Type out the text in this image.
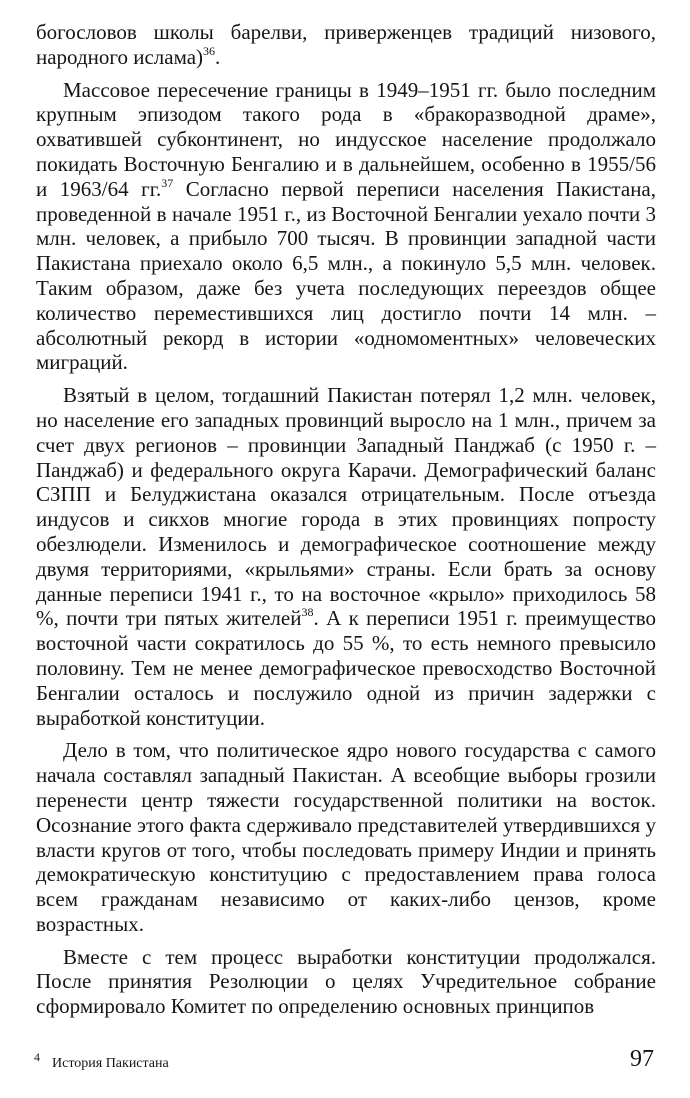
богословов школы барелви, приверженцев традиций низового, народного ислама)$^{36}$.

Массовое пересечение границы в 1949–1951 гг. было последним крупным эпизодом такого рода в «бракоразводной драме», охватившей субконтинент, но индусское население продолжало покидать Восточную Бенгалию и в дальнейшем, особенно в 1955/56 и 1963/64 гг.$^{37}$ Согласно первой переписи населения Пакистана, проведенной в начале 1951 г., из Восточной Бенгалии уехало почти 3 млн. человек, а прибыло 700 тысяч. В провинции западной части Пакистана приехало около 6,5 млн., а покинуло 5,5 млн. человек. Таким образом, даже без учета последующих переездов общее количество переместившихся лиц достигло почти 14 млн. – абсолютный рекорд в истории «одномоментных» человеческих миграций.

Взятый в целом, тогдашний Пакистан потерял 1,2 млн. человек, но население его западных провинций выросло на 1 млн., причем за счет двух регионов – провинции Западный Панджаб (с 1950 г. – Панджаб) и федерального округа Карачи. Демографический баланс СЗПП и Белуджистана оказался отрицательным. После отъезда индусов и сикхов многие города в этих провинциях попросту обезлюдели. Изменилось и демографическое соотношение между двумя территориями, «крыльями» страны. Если брать за основу данные переписи 1941 г., то на восточное «крыло» приходилось 58 %, почти три пятых жителей$^{38}$. А к переписи 1951 г. преимущество восточной части сократилось до 55 %, то есть немного превысило половину. Тем не менее демографическое превосходство Восточной Бенгалии осталось и послужило одной из причин задержки с выработкой конституции.

Дело в том, что политическое ядро нового государства с самого начала составлял западный Пакистан. А всеобщие выборы грозили перенести центр тяжести государственной политики на восток. Осознание этого факта сдерживало представителей утвердившихся у власти кругов от того, чтобы последовать примеру Индии и принять демократическую конституцию с предоставлением права голоса всем гражданам независимо от каких-либо цензов, кроме возрастных.

Вместе с тем процесс выработки конституции продолжался. После принятия Резолюции о целях Учредительное собрание сформировало Комитет по определению основных принципов

4 История Пакистана	97
